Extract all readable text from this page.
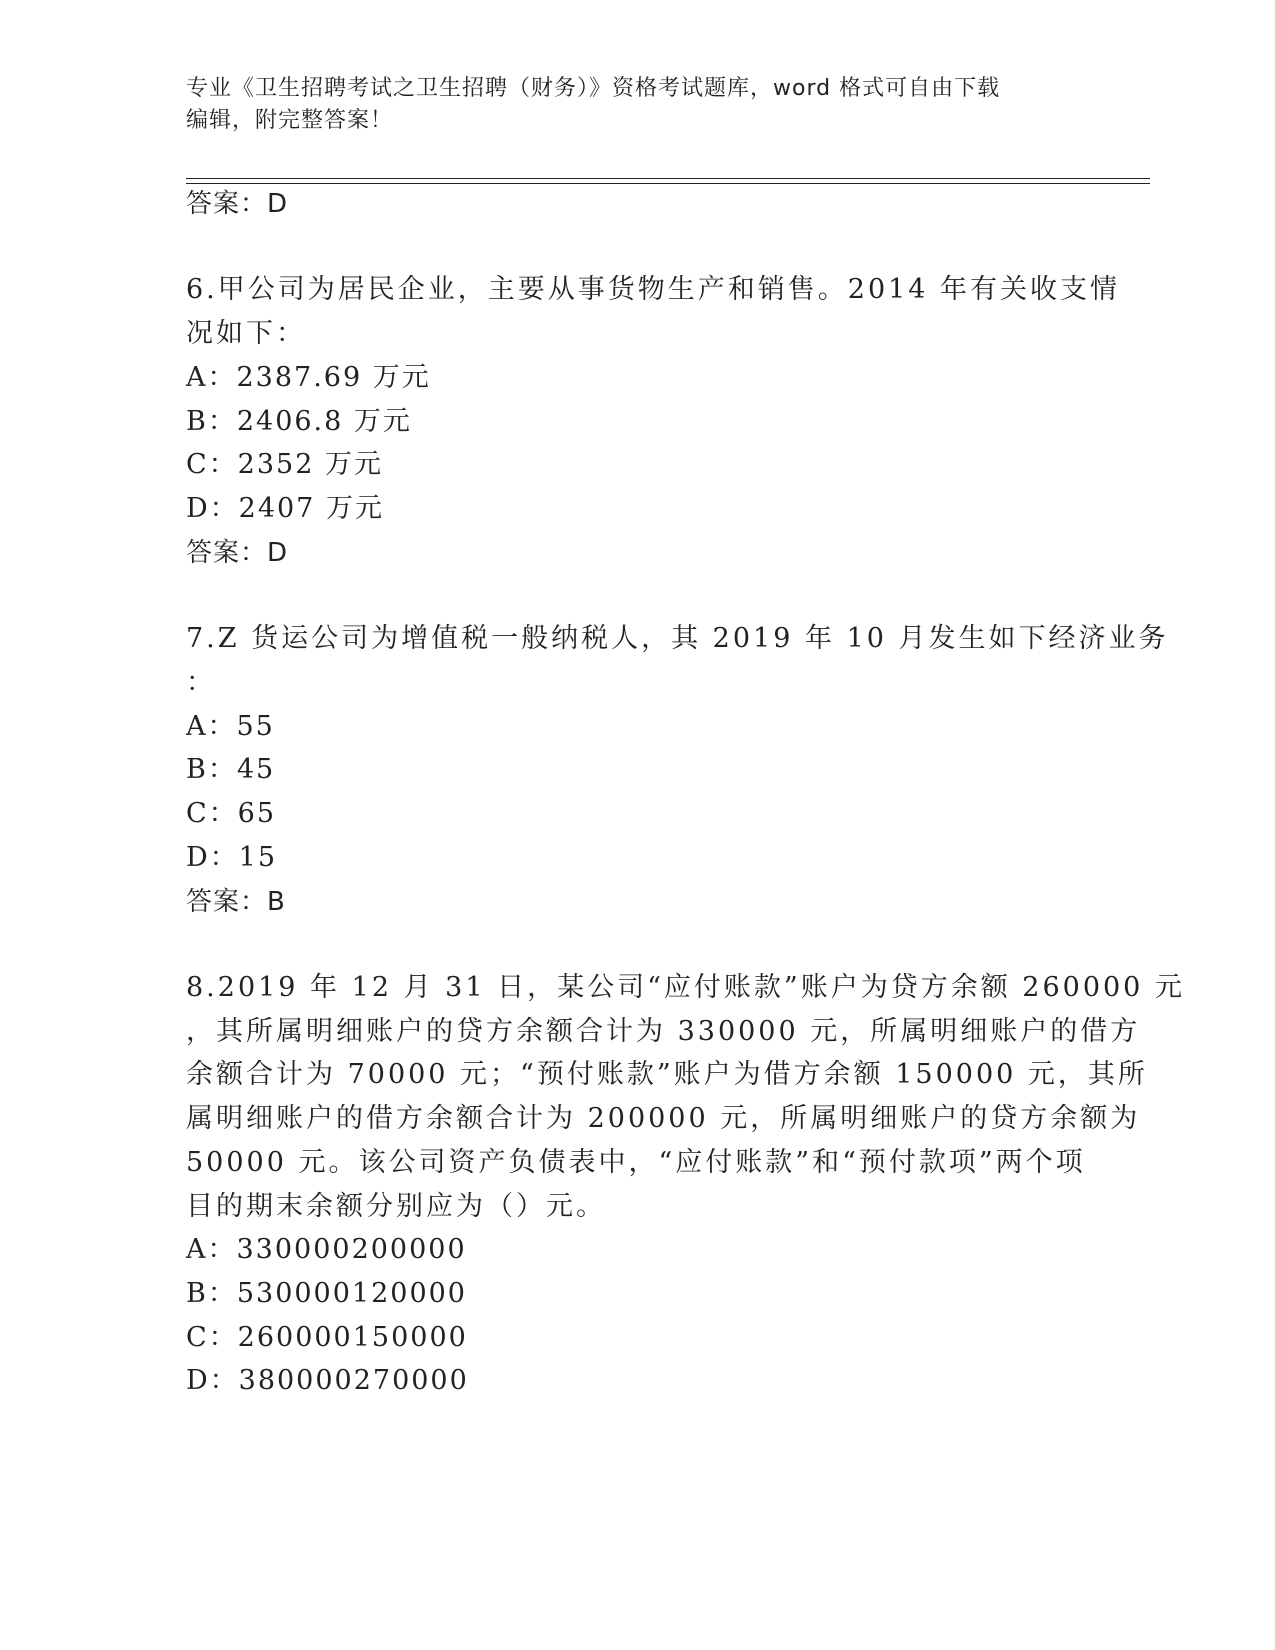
专业《卫生招聘考试之卫生招聘（财务）》资格考试题库，word 格式可自由下载
编辑，附完整答案！
答案：D
6.甲公司为居民企业，主要从事货物生产和销售。2014 年有关收支情
况如下：
A：2387.69 万元
B：2406.8 万元
C：2352 万元
D：2407 万元
答案：D
7.Z 货运公司为增值税一般纳税人，其 2019 年 10 月发生如下经济业务
：
A：55
B：45
C：65
D：15
答案：B
8.2019 年 12 月 31 日，某公司“应付账款”账户为贷方余额 260000 元
，其所属明细账户的贷方余额合计为 330000 元，所属明细账户的借方
余额合计为 70000 元；“预付账款”账户为借方余额 150000 元，其所
属明细账户的借方余额合计为 200000 元，所属明细账户的贷方余额为
50000 元。该公司资产负债表中，“应付账款”和“预付款项”两个项
目的期末余额分别应为（）元。
A：330000200000
B：530000120000
C：260000150000
D：380000270000
